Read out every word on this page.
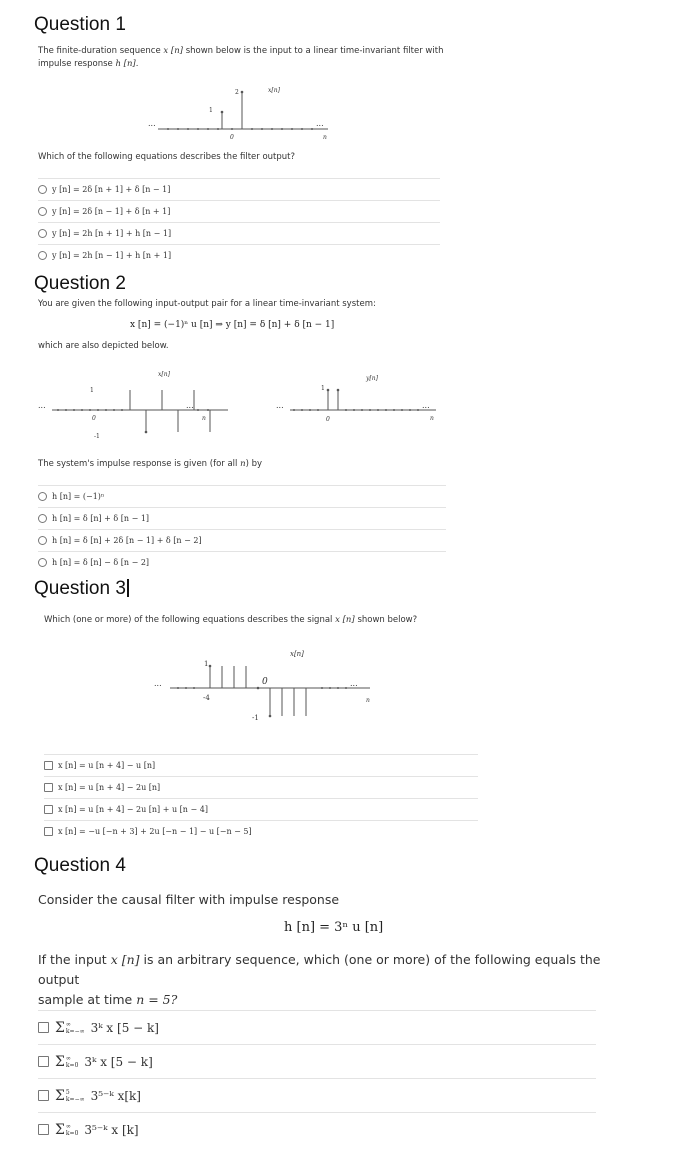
Question 1
The finite-duration sequence x [n] shown below is the input to a linear time-invariant filter with
impulse response h [n].
...	...
1
2
0
x[n]
n
Which of the following equations describes the filter output?
y [n] = 2δ [n + 1] + δ [n − 1]
y [n] = 2δ [n − 1] + δ [n + 1]
y [n] = 2h [n + 1] + h [n − 1]
y [n] = 2h [n − 1] + h [n + 1]
Question 2
You are given the following input-output pair for a linear time-invariant system:
x [n] = (−1)ⁿ u [n] ⇒ y [n] = δ [n] + δ [n − 1]
which are also depicted below.
...	...
1
-1
0
x[n]
n
...	...
1
0
y[n]
n
The system's impulse response is given (for all n) by
h [n] = (−1)ⁿ
h [n] = δ [n] + δ [n − 1]
h [n] = δ [n] + 2δ [n − 1] + δ [n − 2]
h [n] = δ [n] − δ [n − 2]
Question 3
Which (one or more) of the following equations describes the signal x [n] shown below?
...	...
1
-1
0
-4
x[n]
n
x [n] = u [n + 4] − u [n]
x [n] = u [n + 4] − 2u [n]
x [n] = u [n + 4] − 2u [n] + u [n − 4]
x [n] = −u [−n + 3] + 2u [−n − 1] − u [−n − 5]
Question 4
Consider the causal filter with impulse response
h [n] = 3ⁿ u [n]
If the input x [n] is an arbitrary sequence, which (one or more) of the following equals the output
sample at time n = 5?
Σ ∞
k=−∞ 3ᵏ x [5 − k]
Σ ∞
k=0 3ᵏ x [5 − k]
Σ 5
k=−∞ 3⁵⁻ᵏ x[k]
Σ ∞
k=0 3⁵⁻ᵏ x [k]
